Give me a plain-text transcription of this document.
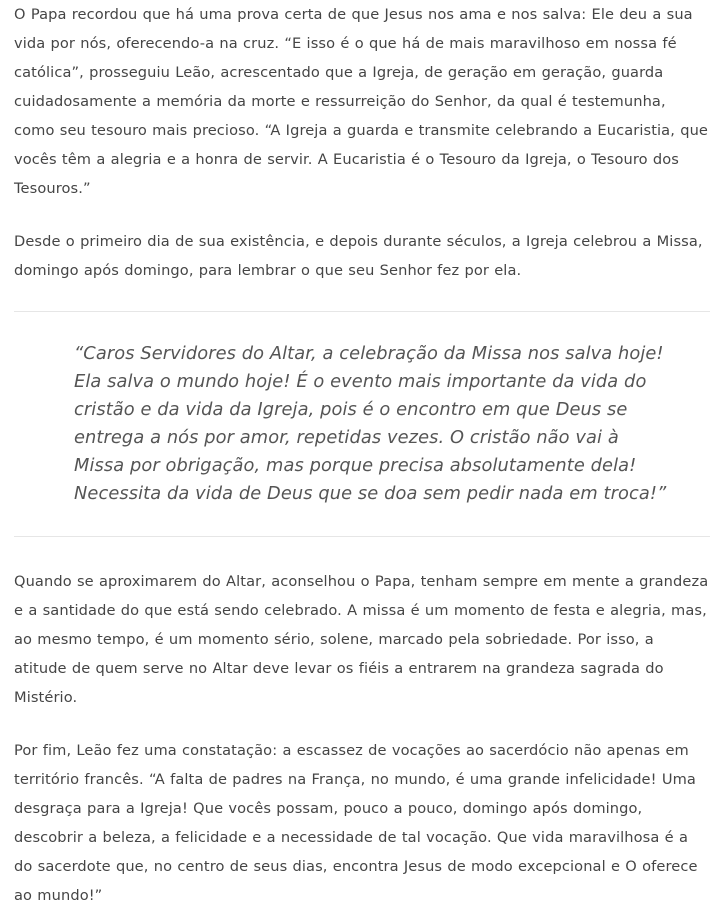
O Papa recordou que há uma prova certa de que Jesus nos ama e nos salva: Ele deu a sua vida por nós, oferecendo-a na cruz. “E isso é o que há de mais maravilhoso em nossa fé católica”, prosseguiu Leão, acrescentado que a Igreja, de geração em geração, guarda cuidadosamente a memória da morte e ressurreição do Senhor, da qual é testemunha, como seu tesouro mais precioso. “A Igreja a guarda e transmite celebrando a Eucaristia, que vocês têm a alegria e a honra de servir. A Eucaristia é o Tesouro da Igreja, o Tesouro dos Tesouros.”

Desde o primeiro dia de sua existência, e depois durante séculos, a Igreja celebrou a Missa, domingo após domingo, para lembrar o que seu Senhor fez por ela.

“Caros Servidores do Altar, a celebração da Missa nos salva hoje! Ela salva o mundo hoje! É o evento mais importante da vida do cristão e da vida da Igreja, pois é o encontro em que Deus se entrega a nós por amor, repetidas vezes. O cristão não vai à Missa por obrigação, mas porque precisa absolutamente dela! Necessita da vida de Deus que se doa sem pedir nada em troca!”

Quando se aproximarem do Altar, aconselhou o Papa, tenham sempre em mente a grandeza e a santidade do que está sendo celebrado. A missa é um momento de festa e alegria, mas, ao mesmo tempo, é um momento sério, solene, marcado pela sobriedade. Por isso, a atitude de quem serve no Altar deve levar os fiéis a entrarem na grandeza sagrada do Mistério.

Por fim, Leão fez uma constatação: a escassez de vocações ao sacerdócio não apenas em território francês. “A falta de padres na França, no mundo, é uma grande infelicidade! Uma desgraça para a Igreja! Que vocês possam, pouco a pouco, domingo após domingo, descobrir a beleza, a felicidade e a necessidade de tal vocação. Que vida maravilhosa é a do sacerdote que, no centro de seus dias, encontra Jesus de modo excepcional e O oferece ao mundo!”
